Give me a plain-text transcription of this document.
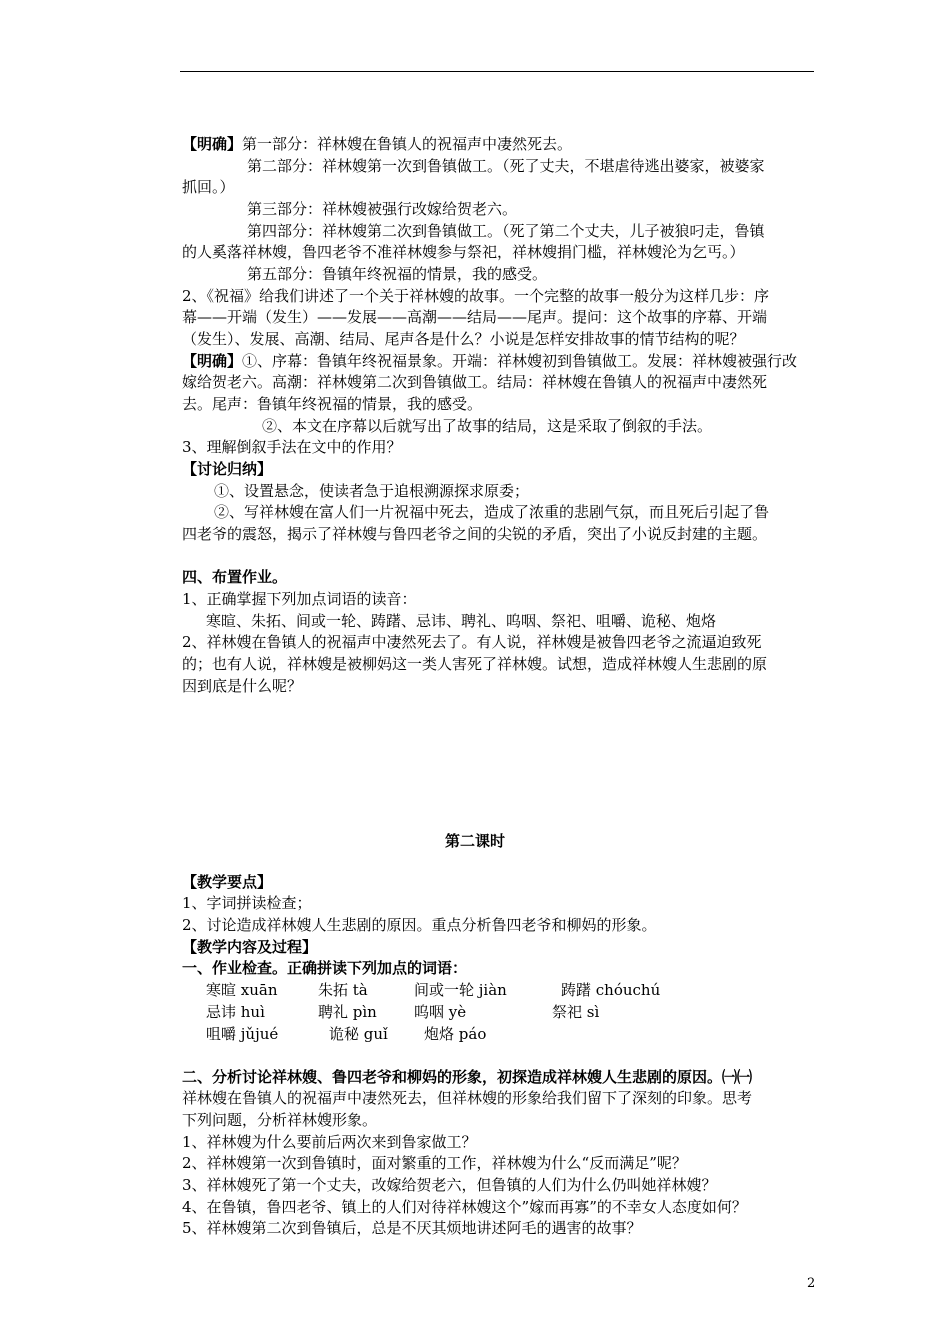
【明确】第一部分：祥林嫂在鲁镇人的祝福声中凄然死去。
第二部分：祥林嫂第一次到鲁镇做工。（死了丈夫，不堪虐待逃出婆家，被婆家
抓回。）
第三部分：祥林嫂被强行改嫁给贺老六。
第四部分：祥林嫂第二次到鲁镇做工。（死了第二个丈夫，儿子被狼叼走，鲁镇
的人奚落祥林嫂，鲁四老爷不准祥林嫂参与祭祀，祥林嫂捐门槛，祥林嫂沦为乞丐。）
第五部分：鲁镇年终祝福的情景，我的感受。
2、《祝福》给我们讲述了一个关于祥林嫂的故事。一个完整的故事一般分为这样几步：序
幕——开端（发生）——发展——高潮——结局——尾声。提问：这个故事的序幕、开端
（发生）、发展、高潮、结局、尾声各是什么？小说是怎样安排故事的情节结构的呢？
【明确】①、序幕：鲁镇年终祝福景象。开端：祥林嫂初到鲁镇做工。发展：祥林嫂被强行改
嫁给贺老六。高潮：祥林嫂第二次到鲁镇做工。结局：祥林嫂在鲁镇人的祝福声中凄然死
去。尾声：鲁镇年终祝福的情景，我的感受。
②、本文在序幕以后就写出了故事的结局，这是采取了倒叙的手法。
3、理解倒叙手法在文中的作用？
【讨论归纳】
①、设置悬念，使读者急于追根溯源探求原委；
②、写祥林嫂在富人们一片祝福中死去，造成了浓重的悲剧气氛，而且死后引起了鲁
四老爷的震怒，揭示了祥林嫂与鲁四老爷之间的尖锐的矛盾，突出了小说反封建的主题。
四、布置作业。
1、正确掌握下列加点词语的读音：
寒暄、朱拓、间或一轮、踌躇、忌讳、聘礼、呜咽、祭祀、咀嚼、诡秘、炮烙
2、祥林嫂在鲁镇人的祝福声中凄然死去了。有人说，祥林嫂是被鲁四老爷之流逼迫致死
的；也有人说，祥林嫂是被柳妈这一类人害死了祥林嫂。试想，造成祥林嫂人生悲剧的原
因到底是什么呢？
第二课时
【教学要点】
1、字词拼读检查；
2、讨论造成祥林嫂人生悲剧的原因。重点分析鲁四老爷和柳妈的形象。
【教学内容及过程】
一、作业检查。正确拼读下列加点的词语：
寒暄 xuān	朱拓 tà	间或一轮 jiàn	踌躇 chóuchú
忌讳 huì	聘礼 pìn 呜咽 yè	祭祀 sì
咀嚼 jǔjué	诡秘 guǐ 炮烙 páo
二、分析讨论祥林嫂、鲁四老爷和柳妈的形象，初探造成祥林嫂人生悲剧的原因。㈠㈠
祥林嫂在鲁镇人的祝福声中凄然死去，但祥林嫂的形象给我们留下了深刻的印象。思考
下列问题，分析祥林嫂形象。
1、祥林嫂为什么要前后两次来到鲁家做工？
2、祥林嫂第一次到鲁镇时，面对繁重的工作，祥林嫂为什么“反而满足”呢？
3、祥林嫂死了第一个丈夫，改嫁给贺老六，但鲁镇的人们为什么仍叫她祥林嫂？
4、在鲁镇，鲁四老爷、镇上的人们对待祥林嫂这个”嫁而再寡”的不幸女人态度如何？
5、祥林嫂第二次到鲁镇后，总是不厌其烦地讲述阿毛的遇害的故事？
2
